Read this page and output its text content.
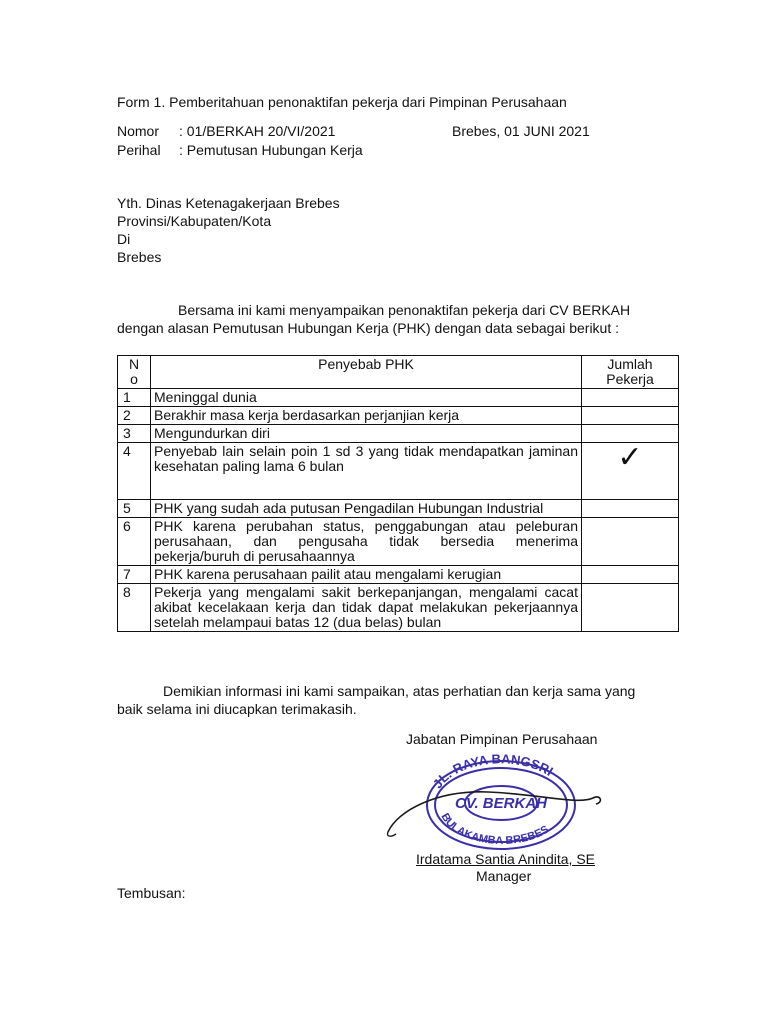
Form 1. Pemberitahuan penonaktifan pekerja dari Pimpinan Perusahaan
Nomor : 01/BERKAH 20/VI/2021	Brebes, 01 JUNI 2021
Perihal : Pemutusan Hubungan Kerja
Yth. Dinas Ketenagakerjaan Brebes
Provinsi/Kabupaten/Kota
Di
Brebes
Bersama ini kami menyampaikan penonaktifan pekerja dari CV BERKAH
dengan alasan Pemutusan Hubungan Kerja (PHK) dengan data sebagai berikut :
N
o	Penyebab PHK	Jumlah
Pekerja
1	Meninggal dunia	
2	Berakhir masa kerja berdasarkan perjanjian kerja	
3	Mengundurkan diri	
4	Penyebab lain selain poin 1 sd 3 yang tidak mendapatkan jaminan kesehatan paling lama 6 bulan	✓
5	PHK yang sudah ada putusan Pengadilan Hubungan Industrial	
6	PHK karena perubahan status, penggabungan atau peleburan perusahaan, dan pengusaha tidak bersedia menerima pekerja/buruh di perusahaannya	
7	PHK karena perusahaan pailit atau mengalami kerugian	
8	Pekerja yang mengalami sakit berkepanjangan, mengalami cacat akibat kecelakaan kerja dan tidak dapat melakukan pekerjaannya setelah melampaui batas 12 (dua belas) bulan	
Demikian informasi ini kami sampaikan, atas perhatian dan kerja sama yang
baik selama ini diucapkan terimakasih.
Jabatan Pimpinan Perusahaan
JL. RAYA BANGSRI
CV. BERKAH
BULAKAMBA BREBES
Irdatama Santia Anindita, SE
Manager
Tembusan:
